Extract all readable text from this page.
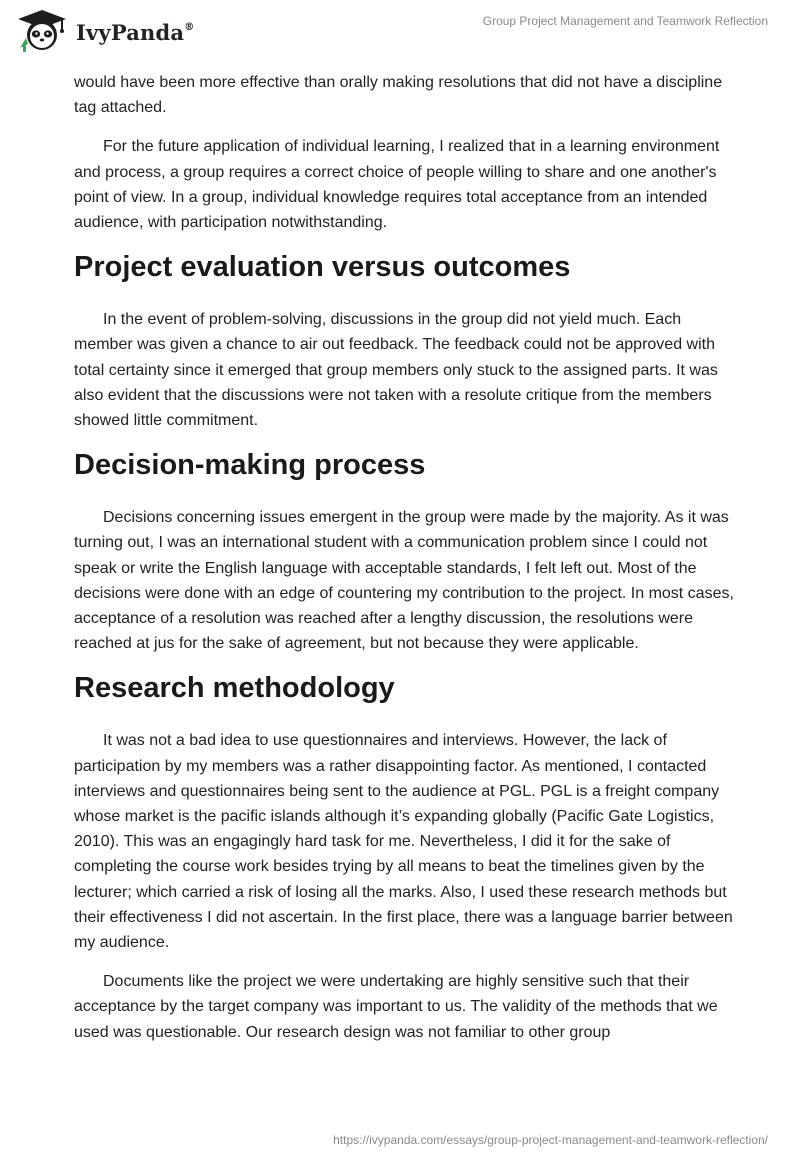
IvyPanda®	Group Project Management and Teamwork Reflection

would have been more effective than orally making resolutions that did not have a discipline tag attached.

For the future application of individual learning, I realized that in a learning environment and process, a group requires a correct choice of people willing to share and one another's point of view. In a group, individual knowledge requires total acceptance from an intended audience, with participation notwithstanding.

Project evaluation versus outcomes

In the event of problem-solving, discussions in the group did not yield much. Each member was given a chance to air out feedback. The feedback could not be approved with total certainty since it emerged that group members only stuck to the assigned parts. It was also evident that the discussions were not taken with a resolute critique from the members showed little commitment.

Decision-making process

Decisions concerning issues emergent in the group were made by the majority. As it was turning out, I was an international student with a communication problem since I could not speak or write the English language with acceptable standards, I felt left out. Most of the decisions were done with an edge of countering my contribution to the project. In most cases, acceptance of a resolution was reached after a lengthy discussion, the resolutions were reached at jus for the sake of agreement, but not because they were applicable.

Research methodology

It was not a bad idea to use questionnaires and interviews. However, the lack of participation by my members was a rather disappointing factor. As mentioned, I contacted interviews and questionnaires being sent to the audience at PGL. PGL is a freight company whose market is the pacific islands although it’s expanding globally (Pacific Gate Logistics, 2010). This was an engagingly hard task for me. Nevertheless, I did it for the sake of completing the course work besides trying by all means to beat the timelines given by the lecturer; which carried a risk of losing all the marks. Also, I used these research methods but their effectiveness I did not ascertain. In the first place, there was a language barrier between my audience.

Documents like the project we were undertaking are highly sensitive such that their acceptance by the target company was important to us. The validity of the methods that we used was questionable. Our research design was not familiar to other group

https://ivypanda.com/essays/group-project-management-and-teamwork-reflection/
